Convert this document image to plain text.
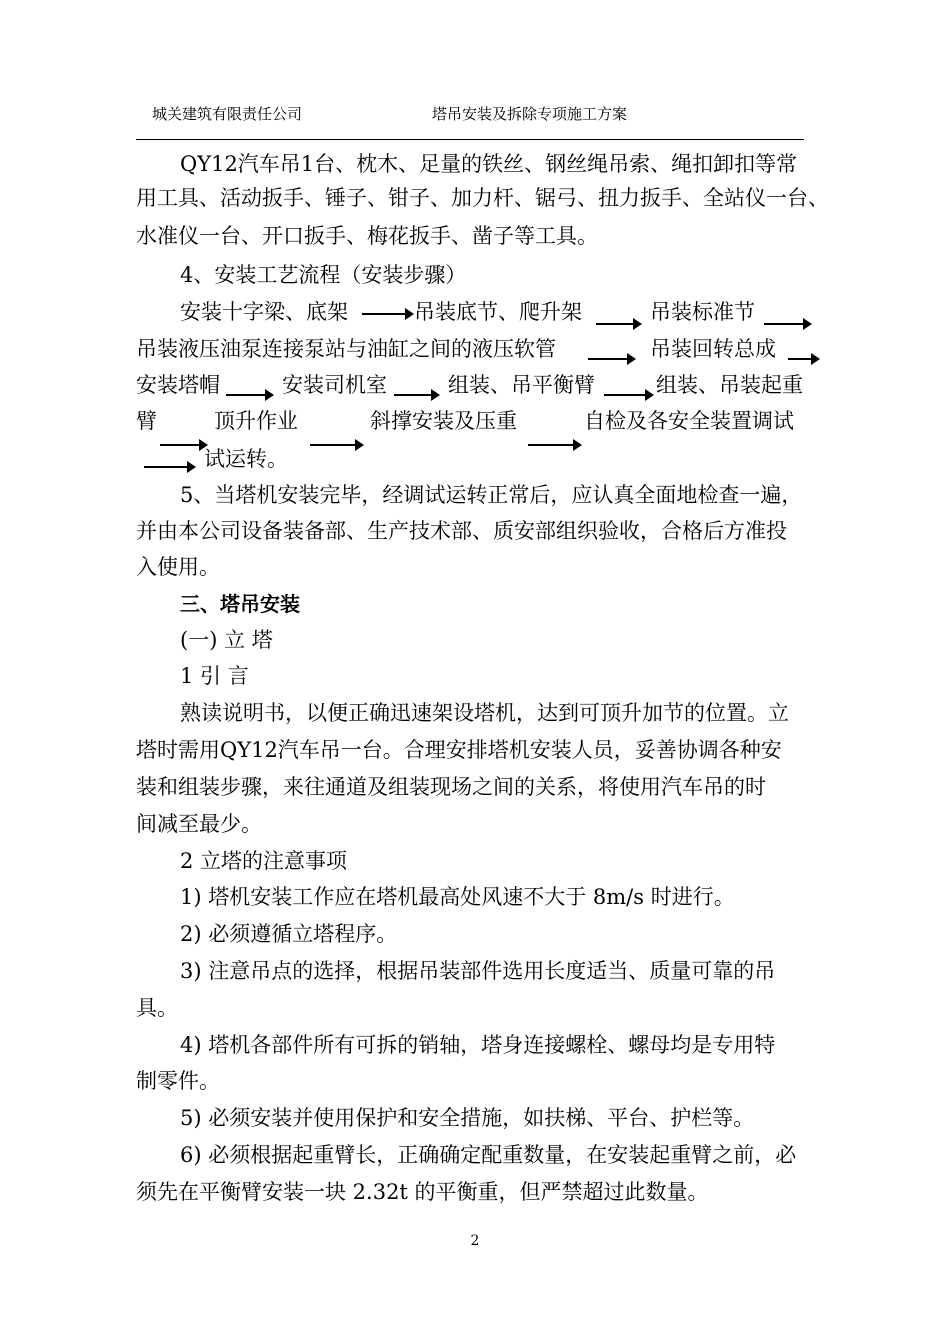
城关建筑有限责任公司	塔吊安装及拆除专项施工方案
QY12汽车吊1台、枕木、足量的铁丝、钢丝绳吊索、绳扣卸扣等常
用工具、活动扳手、锤子、钳子、加力杆、锯弓、扭力扳手、全站仪一台、
水准仪一台、开口扳手、梅花扳手、凿子等工具。
4、安装工艺流程（安装步骤）
安装十字梁、底架	吊装底节、爬升架	吊装标准节
吊装液压油泵连接泵站与油缸之间的液压软管	吊装回转总成
安装塔帽	安装司机室	组装、吊平衡臂	组装、吊装起重
臂	顶升作业	斜撑安装及压重	自检及各安全装置调试
试运转。
5、当塔机安装完毕，经调试运转正常后，应认真全面地检查一遍，
并由本公司设备装备部、生产技术部、质安部组织验收，合格后方准投
入使用。
三、塔吊安装
(一) 立 塔
1 引 言
熟读说明书，以便正确迅速架设塔机，达到可顶升加节的位置。立
塔时需用QY12汽车吊一台。合理安排塔机安装人员，妥善协调各种安
装和组装步骤，来往通道及组装现场之间的关系，将使用汽车吊的时
间减至最少。
2 立塔的注意事项
1) 塔机安装工作应在塔机最高处风速不大于 8m/s 时进行。
2) 必须遵循立塔程序。
3) 注意吊点的选择，根据吊装部件选用长度适当、质量可靠的吊
具。
4) 塔机各部件所有可拆的销轴，塔身连接螺栓、螺母均是专用特
制零件。
5) 必须安装并使用保护和安全措施，如扶梯、平台、护栏等。
6) 必须根据起重臂长，正确确定配重数量，在安装起重臂之前，必
须先在平衡臂安装一块 2.32t 的平衡重，但严禁超过此数量。
2
